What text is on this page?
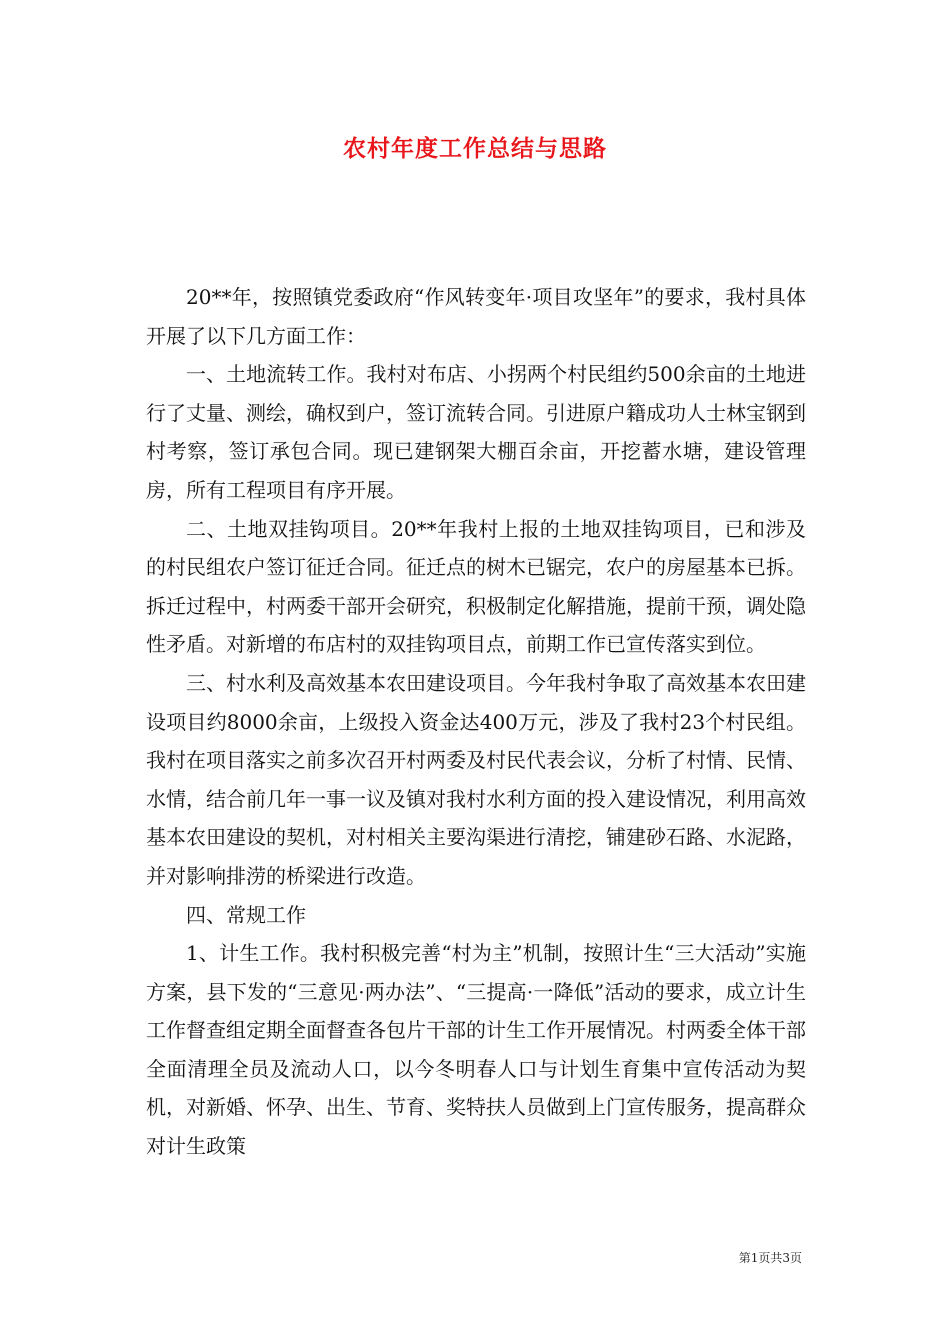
农村年度工作总结与思路

20**年，按照镇党委政府“作风转变年·项目攻坚年”的要求，我村具体开展了以下几方面工作：

一、土地流转工作。我村对布店、小拐两个村民组约500余亩的土地进行了丈量、测绘，确权到户，签订流转合同。引进原户籍成功人士林宝钢到村考察，签订承包合同。现已建钢架大棚百余亩，开挖蓄水塘，建设管理房，所有工程项目有序开展。

二、土地双挂钩项目。20**年我村上报的土地双挂钩项目，已和涉及的村民组农户签订征迁合同。征迁点的树木已锯完，农户的房屋基本已拆。拆迁过程中，村两委干部开会研究，积极制定化解措施，提前干预，调处隐性矛盾。对新增的布店村的双挂钩项目点，前期工作已宣传落实到位。

三、村水利及高效基本农田建设项目。今年我村争取了高效基本农田建设项目约8000余亩，上级投入资金达400万元，涉及了我村23个村民组。我村在项目落实之前多次召开村两委及村民代表会议，分析了村情、民情、水情，结合前几年一事一议及镇对我村水利方面的投入建设情况，利用高效基本农田建设的契机，对村相关主要沟渠进行清挖，铺建砂石路、水泥路，并对影响排涝的桥梁进行改造。

四、常规工作

1、计生工作。我村积极完善“村为主”机制，按照计生“三大活动”实施方案，县下发的“三意见·两办法”、“三提高·一降低”活动的要求，成立计生工作督查组定期全面督查各包片干部的计生工作开展情况。村两委全体干部全面清理全员及流动人口，以今冬明春人口与计划生育集中宣传活动为契机，对新婚、怀孕、出生、节育、奖特扶人员做到上门宣传服务，提高群众对计生政策

第1页共3页
